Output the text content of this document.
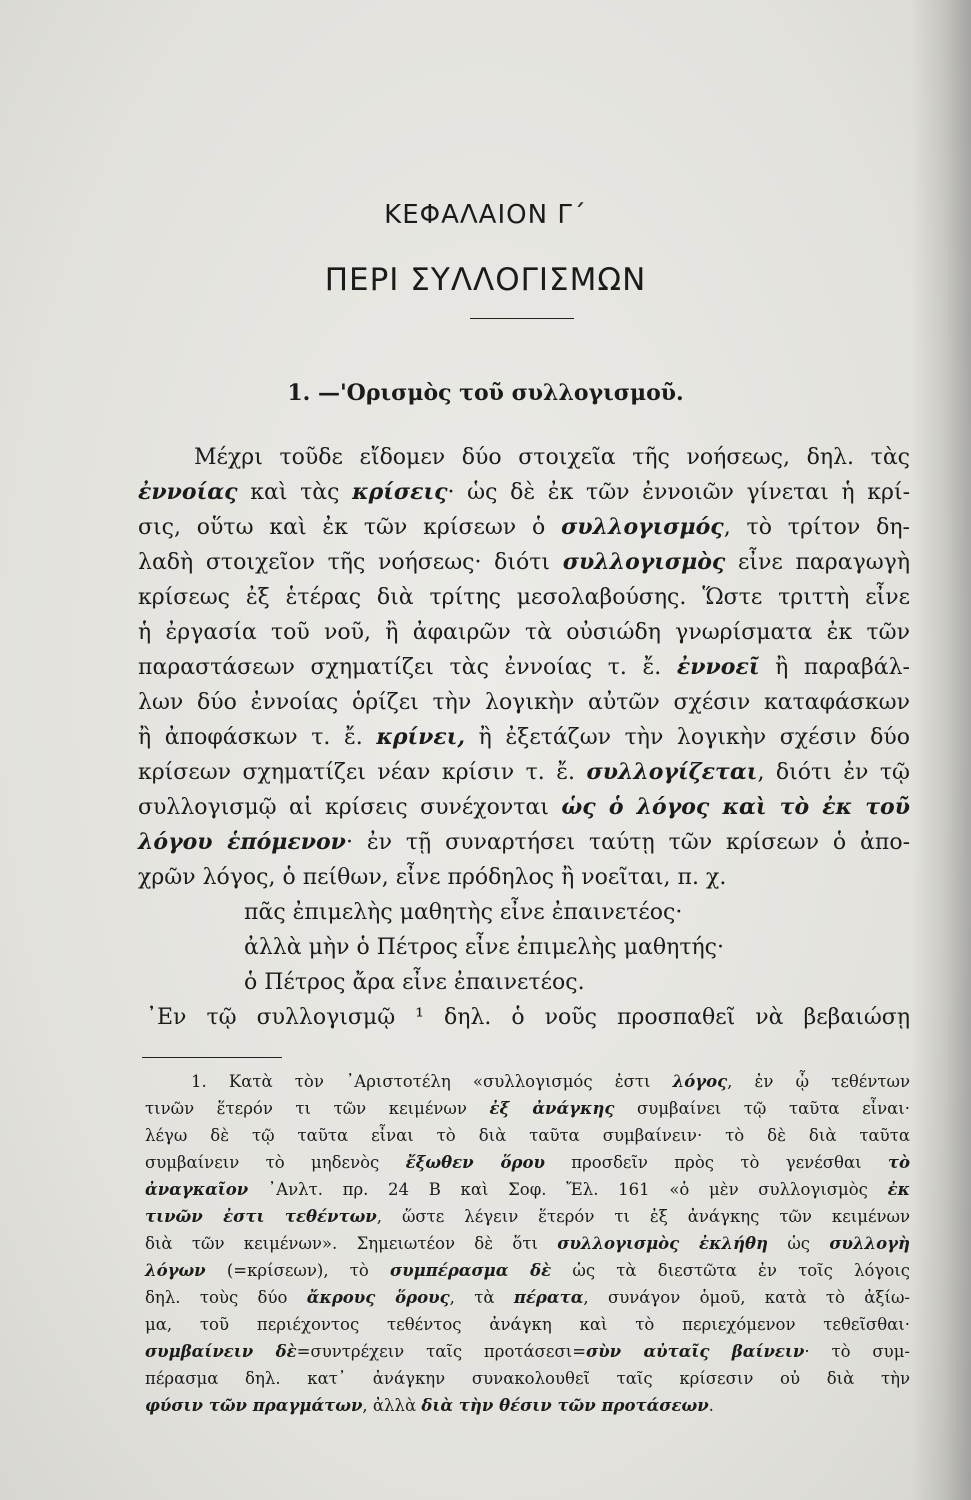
ΚΕΦΑΛΑΙΟΝ Γ΄
ΠΕΡΙ ΣΥΛΛΟΓΙΣΜΩΝ
1. —'Ορισμὸς τοῦ συλλογισμοῦ.
Μέχρι τοῦδε εἴδομεν δύο στοιχεῖα τῆς νοήσεως, δηλ. τὰς
ἐννοίας καὶ τὰς κρίσεις· ὡς δὲ ἐκ τῶν ἐννοιῶν γίνεται ἡ κρί-
σις, οὕτω καὶ ἐκ τῶν κρίσεων ὁ συλλογισμός, τὸ τρίτον δη-
λαδὴ στοιχεῖον τῆς νοήσεως· διότι συλλογισμὸς εἶνε παραγωγὴ
κρίσεως ἐξ ἑτέρας διὰ τρίτης μεσολαβούσης. Ὥστε τριττὴ εἶνε
ἡ ἐργασία τοῦ νοῦ, ἢ ἀφαιρῶν τὰ οὐσιώδη γνωρίσματα ἐκ τῶν
παραστάσεων σχηματίζει τὰς ἐννοίας τ. ἔ. ἐννοεῖ ἢ παραβάλ-
λων δύο ἐννοίας ὁρίζει τὴν λογικὴν αὐτῶν σχέσιν καταφάσκων
ἢ ἀποφάσκων τ. ἔ. κρίνει, ἢ ἐξετάζων τὴν λογικὴν σχέσιν δύο
κρίσεων σχηματίζει νέαν κρίσιν τ. ἔ. συλλογίζεται, διότι ἐν τῷ
συλλογισμῷ αἱ κρίσεις συνέχονται ὡς ὁ λόγος καὶ τὸ ἐκ τοῦ
λόγου ἑπόμενον· ἐν τῇ συναρτήσει ταύτῃ τῶν κρίσεων ὁ ἀπο-
χρῶν λόγος, ὁ πείθων, εἶνε πρόδηλος ἢ νοεῖται, π. χ.
πᾶς ἐπιμελὴς μαθητὴς εἶνε ἐπαινετέος·
ἀλλὰ μὴν ὁ Πέτρος εἶνε ἐπιμελὴς μαθητής·
ὁ Πέτρος ἄρα εἶνε ἐπαινετέος.
᾿Εν τῷ συλλογισμῷ ¹ δηλ. ὁ νοῦς προσπαθεῖ νὰ βεβαιώσῃ
1. Κατὰ τὸν ᾿Αριστοτέλη «συλλογισμός ἐστι λόγος, ἐν ᾧ τεθέντων
τινῶν ἕτερόν τι τῶν κειμένων ἐξ ἀνάγκης συμβαίνει τῷ ταῦτα εἶναι·
λέγω δὲ τῷ ταῦτα εἶναι τὸ διὰ ταῦτα συμβαίνειν· τὸ δὲ διὰ ταῦτα
συμβαίνειν τὸ μηδενὸς ἔξωθεν ὅρου προσδεῖν πρὸς τὸ γενέσθαι τὸ
ἀναγκαῖον ᾿Ανλτ. πρ. 24 Β καὶ Σοφ. Ἔλ. 161 «ὁ μὲν συλλογισμὸς ἐκ
τινῶν ἐστι τεθέντων, ὥστε λέγειν ἕτερόν τι ἐξ ἀνάγκης τῶν κειμένων
διὰ τῶν κειμένων». Σημειωτέον δὲ ὅτι συλλογισμὸς ἐκλήθη ὡς συλλογὴ
λόγων (=κρίσεων), τὸ συμπέρασμα δὲ ὡς τὰ διεστῶτα ἐν τοῖς λόγοις
δηλ. τοὺς δύο ἄκρους ὅρους, τὰ πέρατα, συνάγον ὁμοῦ, κατὰ τὸ ἀξίω-
μα, τοῦ περιέχοντος τεθέντος ἀνάγκη καὶ τὸ περιεχόμενον τεθεῖσθαι·
συμβαίνειν δὲ=συντρέχειν ταῖς προτάσεσι=σὺν αὐταῖς βαίνειν· τὸ συμ-
πέρασμα δηλ. κατ᾿ ἀνάγκην συνακολουθεῖ ταῖς κρίσεσιν οὐ διὰ τὴν
φύσιν τῶν πραγμάτων, ἀλλὰ διὰ τὴν θέσιν τῶν προτάσεων.
